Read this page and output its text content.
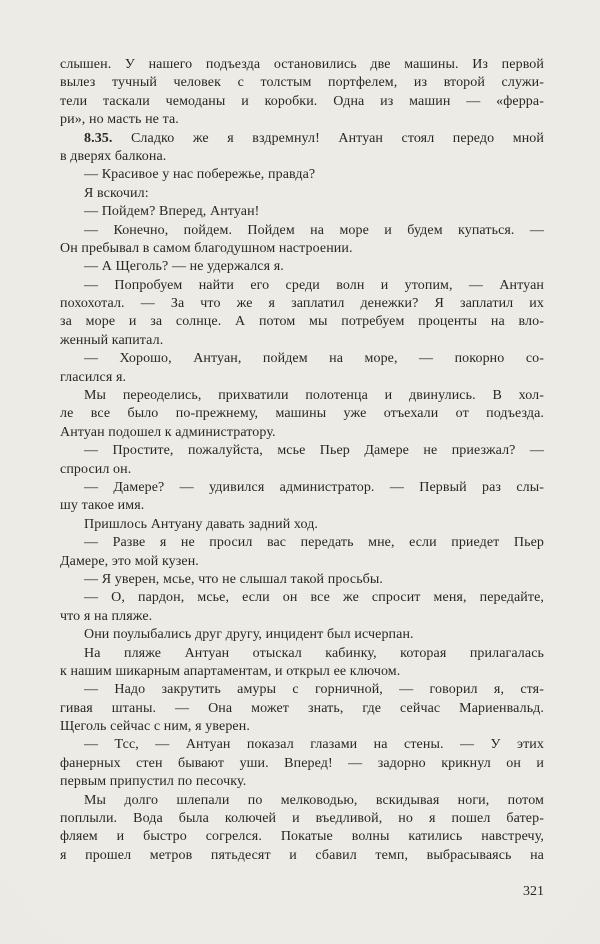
слышен. У нашего подъезда остановились две машины. Из первой
вылез тучный человек с толстым портфелем, из второй служи-
тели таскали чемоданы и коробки. Одна из машин — «ферра-
ри», но масть не та.
8.35. Сладко же я вздремнул! Антуан стоял передо мной
в дверях балкона.
— Красивое у нас побережье, правда?
Я вскочил:
— Пойдем? Вперед, Антуан!
— Конечно, пойдем. Пойдем на море и будем купаться. —
Он пребывал в самом благодушном настроении.
— А Щеголь? — не удержался я.
— Попробуем найти его среди волн и утопим, — Антуан
похохотал. — За что же я заплатил денежки? Я заплатил их
за море и за солнце. А потом мы потребуем проценты на вло-
женный капитал.
— Хорошо, Антуан, пойдем на море, — покорно со-
гласился я.
Мы переоделись, прихватили полотенца и двинулись. В хол-
ле все было по-прежнему, машины уже отъехали от подъезда.
Антуан подошел к администратору.
— Простите, пожалуйста, мсье Пьер Дамере не приезжал? —
спросил он.
— Дамере? — удивился администратор. — Первый раз слы-
шу такое имя.
Пришлось Антуану давать задний ход.
— Разве я не просил вас передать мне, если приедет Пьер
Дамере, это мой кузен.
— Я уверен, мсье, что не слышал такой просьбы.
— О, пардон, мсье, если он все же спросит меня, передайте,
что я на пляже.
Они поулыбались друг другу, инцидент был исчерпан.
На пляже Антуан отыскал кабинку, которая прилагалась
к нашим шикарным апартаментам, и открыл ее ключом.
— Надо закрутить амуры с горничной, — говорил я, стя-
гивая штаны. — Она может знать, где сейчас Мариенвальд.
Щеголь сейчас с ним, я уверен.
— Тсс, — Антуан показал глазами на стены. — У этих
фанерных стен бывают уши. Вперед! — задорно крикнул он и
первым припустил по песочку.
Мы долго шлепали по мелководью, вскидывая ноги, потом
поплыли. Вода была колючей и въедливой, но я пошел батер-
фляем и быстро согрелся. Покатые волны катились навстречу,
я прошел метров пятьдесят и сбавил темп, выбрасываясь на
321
